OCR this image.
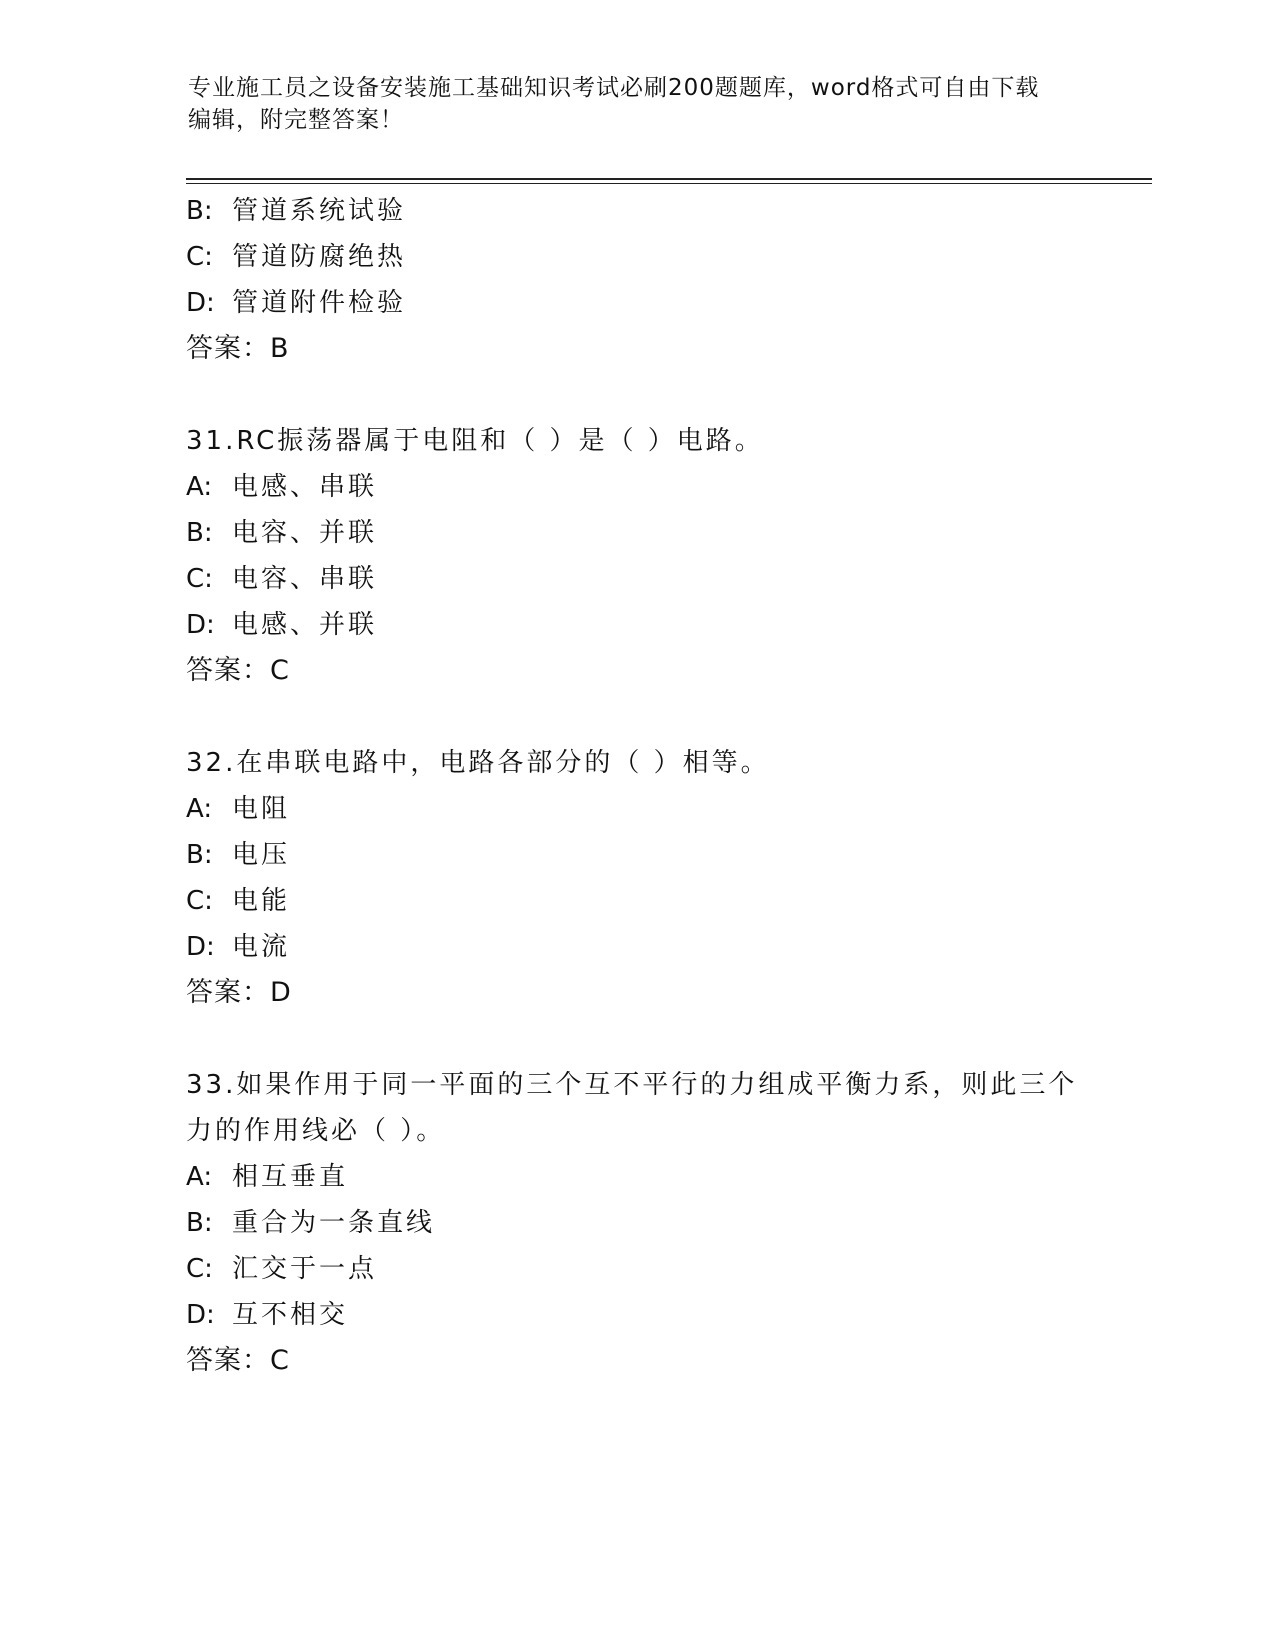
专业施工员之设备安装施工基础知识考试必刷200题题库，word格式可自由下载
编辑，附完整答案！
B: 管道系统试验
C: 管道防腐绝热
D: 管道附件检验
答案：B
31.RC振荡器属于电阻和（ ）是（ ）电路。
A: 电感、串联
B: 电容、并联
C: 电容、串联
D: 电感、并联
答案：C
32.在串联电路中，电路各部分的（ ）相等。
A: 电阻
B: 电压
C: 电能
D: 电流
答案：D
33.如果作用于同一平面的三个互不平行的力组成平衡力系，则此三个
力的作用线必（ ）。
A: 相互垂直
B: 重合为一条直线
C: 汇交于一点
D: 互不相交
答案：C
